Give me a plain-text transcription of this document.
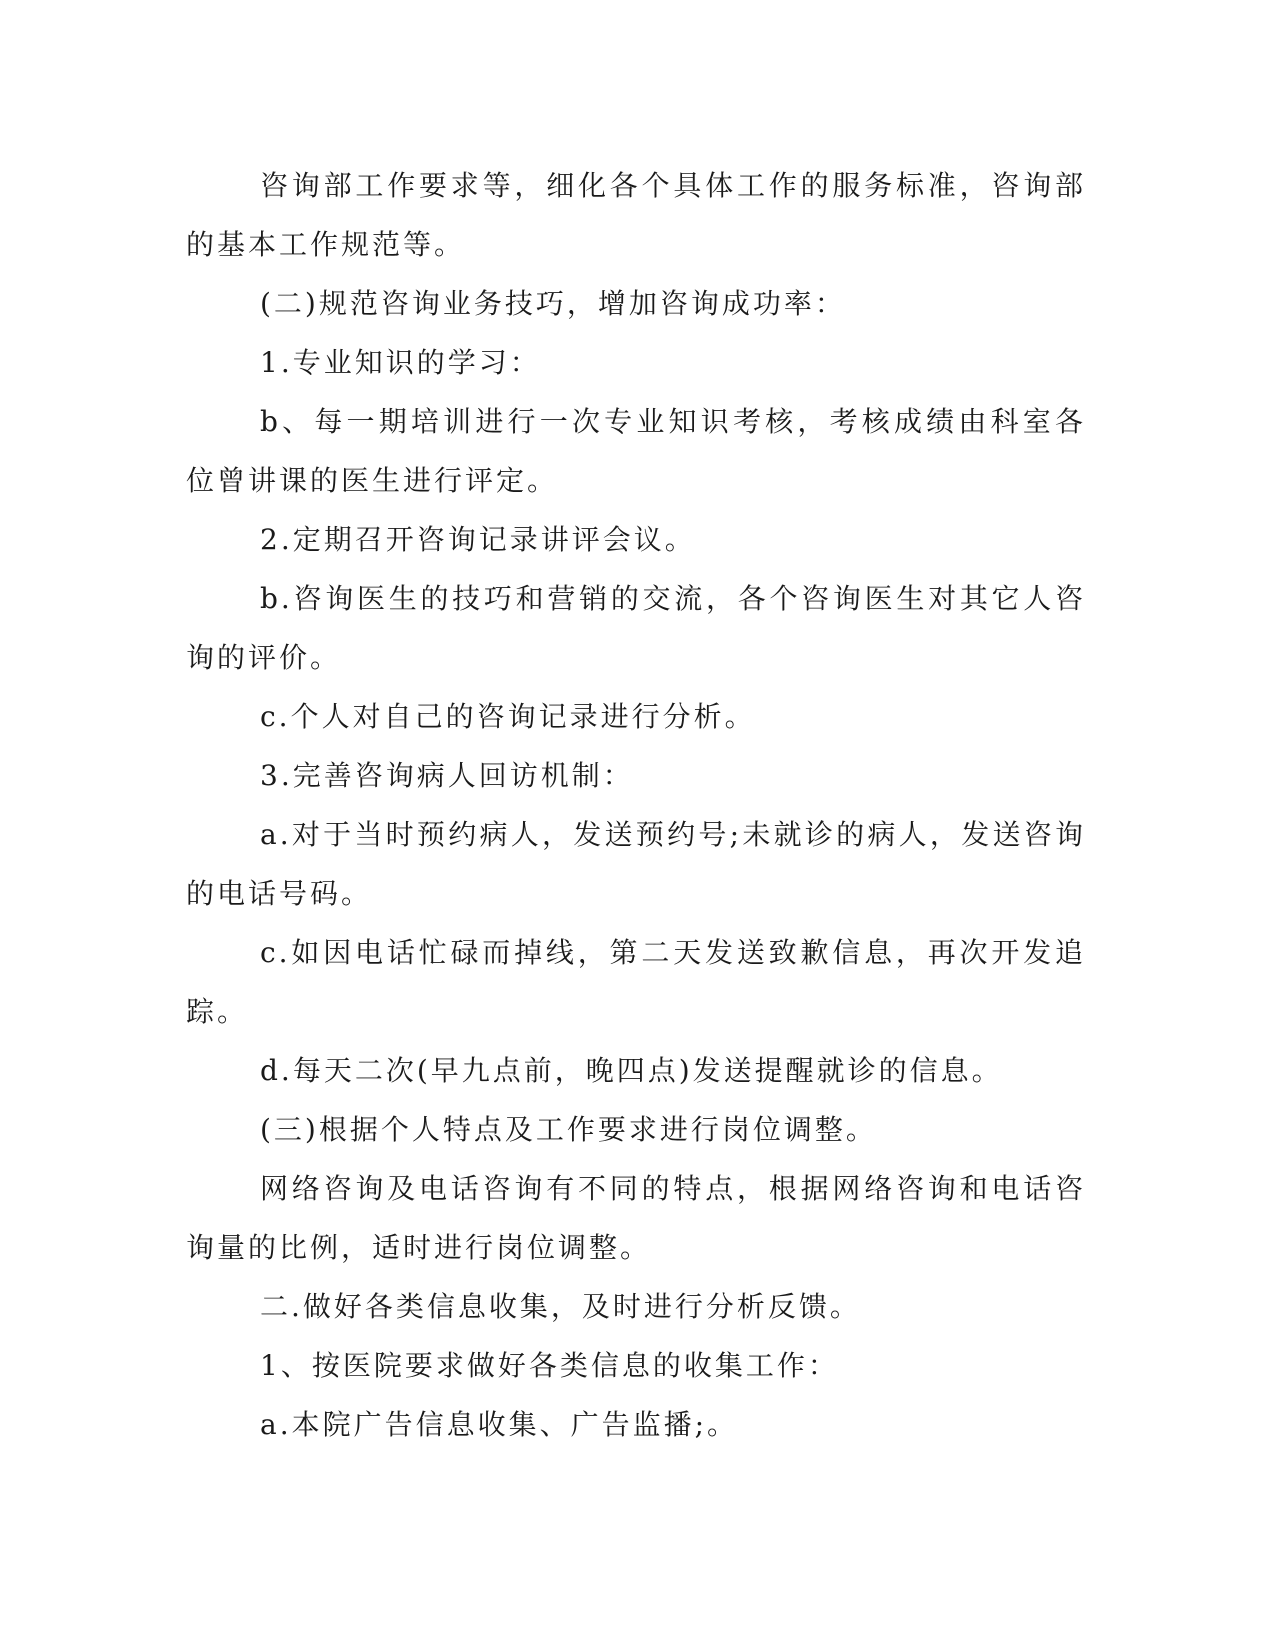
咨询部工作要求等，细化各个具体工作的服务标准，咨询部的基本工作规范等。

(二)规范咨询业务技巧，增加咨询成功率：

1.专业知识的学习：

b、每一期培训进行一次专业知识考核，考核成绩由科室各位曾讲课的医生进行评定。

2.定期召开咨询记录讲评会议。

b.咨询医生的技巧和营销的交流，各个咨询医生对其它人咨询的评价。

c.个人对自己的咨询记录进行分析。

3.完善咨询病人回访机制：

a.对于当时预约病人，发送预约号;未就诊的病人，发送咨询的电话号码。

c.如因电话忙碌而掉线，第二天发送致歉信息，再次开发追踪。

d.每天二次(早九点前，晚四点)发送提醒就诊的信息。

(三)根据个人特点及工作要求进行岗位调整。

网络咨询及电话咨询有不同的特点，根据网络咨询和电话咨询量的比例，适时进行岗位调整。

二.做好各类信息收集，及时进行分析反馈。

1、按医院要求做好各类信息的收集工作：

a.本院广告信息收集、广告监播;。
